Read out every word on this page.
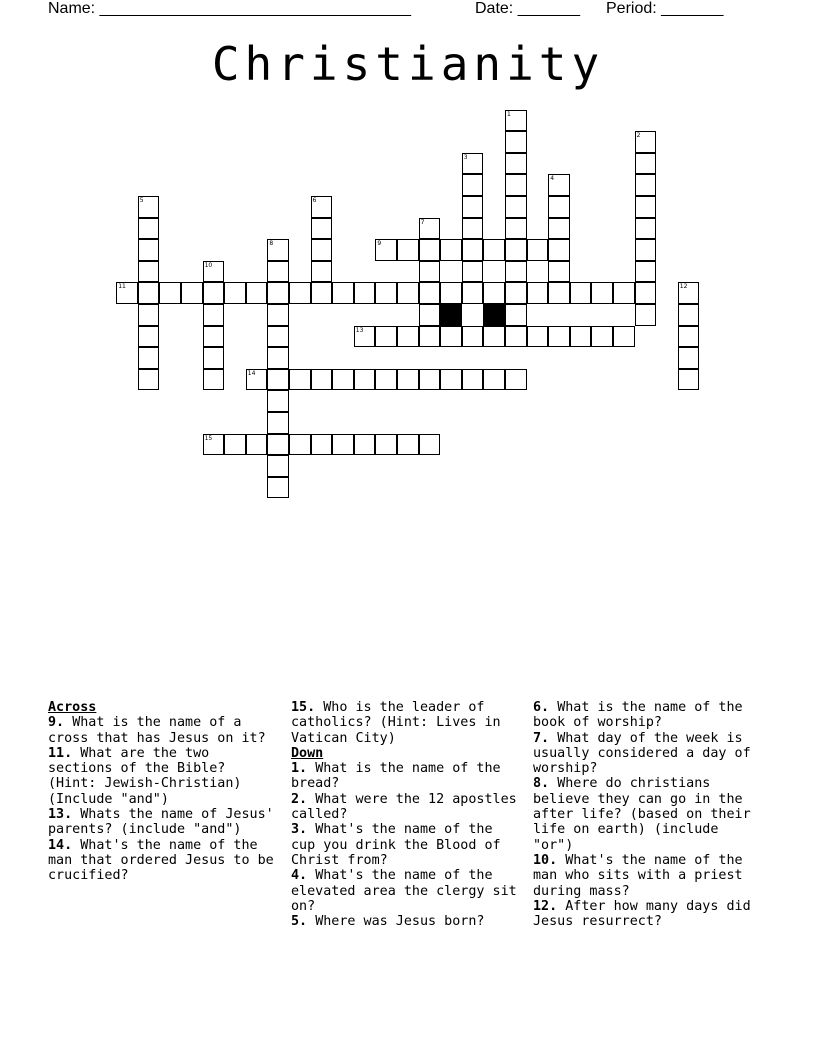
Name: ___________________________________	Date: _______ Period: _______
Christianity
1
2
3
4
5	6
7
8	9
10
11	12
13
14
15

Across

9. What is the name of a cross that has Jesus on it?

11. What are the two sections of the Bible? (Hint: Jewish-Christian) (Include "and")

13. Whats the name of Jesus' parents? (include "and")

14. What's the name of the man that ordered Jesus to be crucified?

15. Who is the leader of catholics? (Hint: Lives in Vatican City)

Down

1. What is the name of the bread?

2. What were the 12 apostles called?

3. What's the name of the cup you drink the Blood of Christ from?

4. What's the name of the elevated area the clergy sit on?

5. Where was Jesus born?

6. What is the name of the book of worship?

7. What day of the week is usually considered a day of worship?

8. Where do christians believe they can go in the after life? (based on their life on earth) (include "or")

10. What's the name of the man who sits with a priest during mass?

12. After how many days did Jesus resurrect?
